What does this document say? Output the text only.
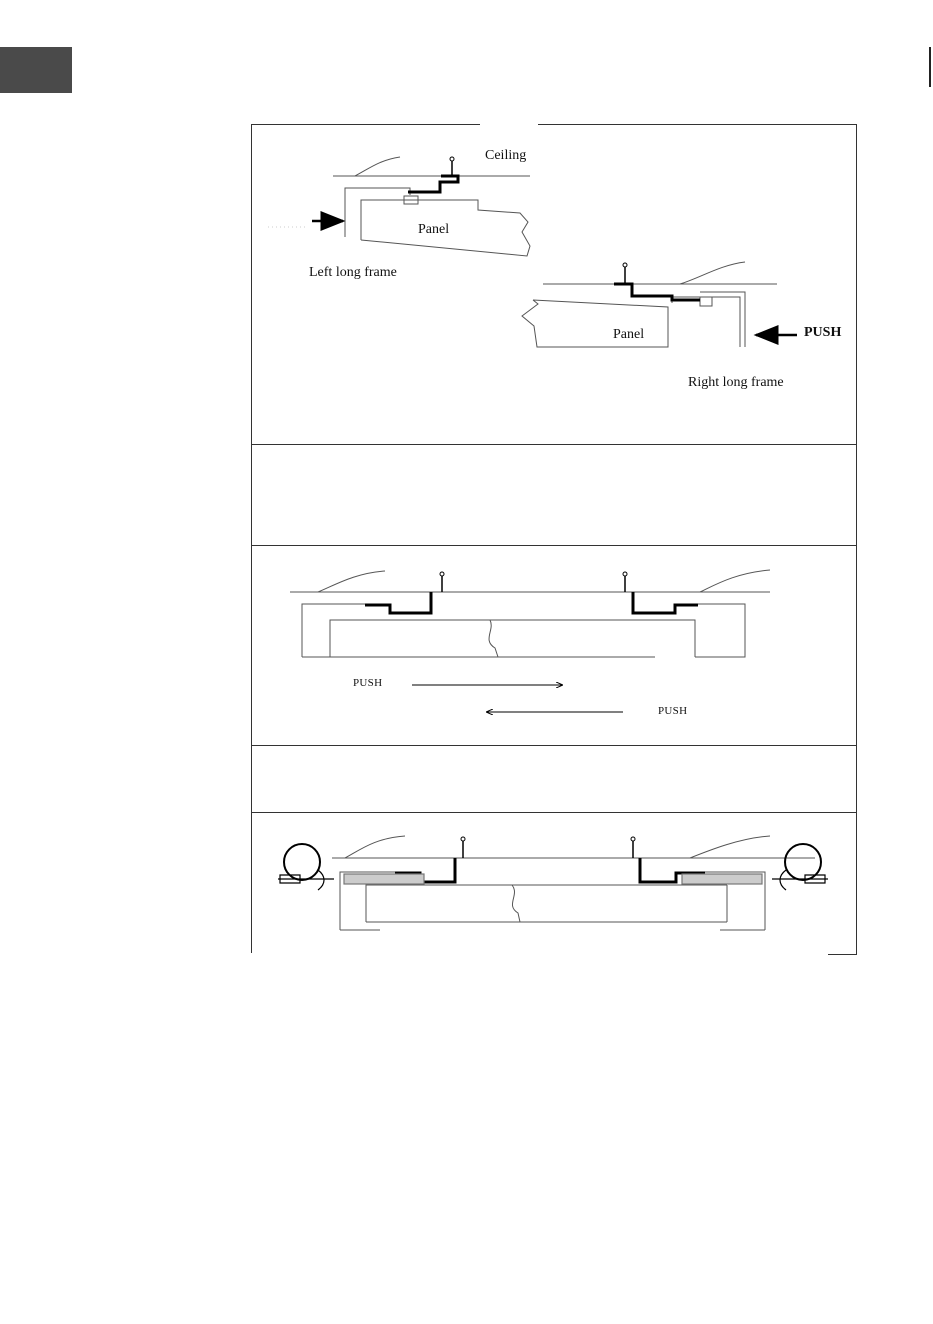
Ceiling
Panel
Left long frame
Panel	PUSH
Right long frame
PUSH
PUSH
